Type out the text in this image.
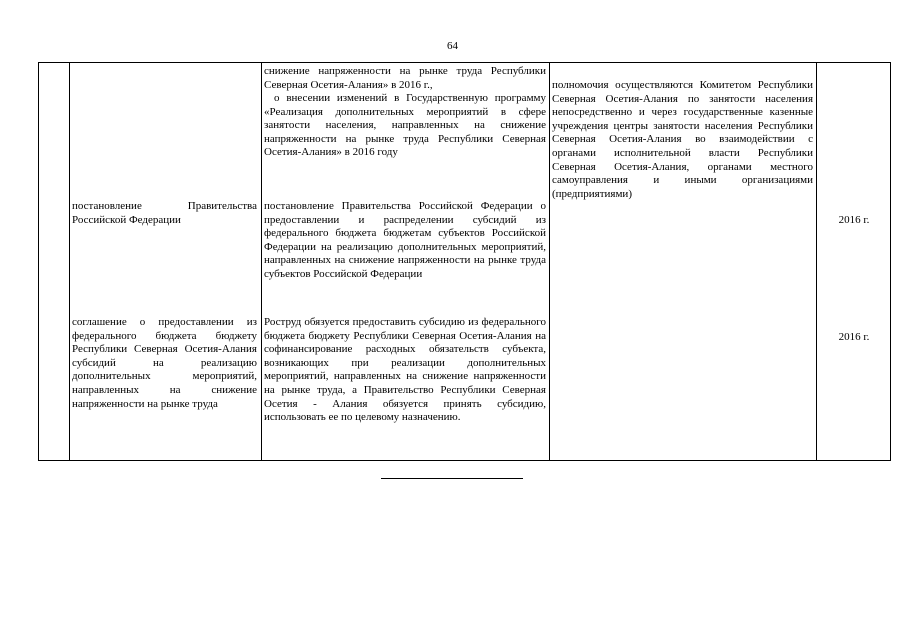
64
снижение напряженности на рынке труда Республики Северная Осетия-Алания» в 2016 г.,
о внесении изменений в Государственную программу «Реализация дополнительных мероприятий в сфере занятости населения, направленных на снижение напряженности на рынке труда Республики Северная Осетия-Алания» в 2016 году
полномочия осуществляются Комитетом Республики Северная Осетия-Алания по занятости населения непосредственно и через государственные казенные учреждения центры занятости населения Республики Северная Осетия-Алания во взаимодействии с органами исполнительной власти Республики Северная Осетия-Алания, органами местного самоуправления и иными организациями (предприятиями)
постановление Правительства Российской Федерации
постановление Правительства Российской Федерации о предоставлении и распределении субсидий из федерального бюджета бюджетам субъектов Российской Федерации на реализацию дополнительных мероприятий, направленных на снижение напряженности на рынке труда субъектов Российской Федерации
2016 г.
соглашение о предоставлении из федерального бюджета бюджету Республики Северная Осетия-Алания субсидий на реализацию дополнительных мероприятий, направленных на снижение напряженности на рынке труда
Роструд обязуется предоставить субсидию из федерального бюджета бюджету Республики Северная Осетия-Алания на софинансирование расходных обязательств субъекта, возникающих при реализации дополнительных мероприятий, направленных на снижение напряженности на рынке труда, а Правительство Республики Северная Осетия - Алания обязуется принять субсидию, использовать ее по целевому назначению.
2016 г.
